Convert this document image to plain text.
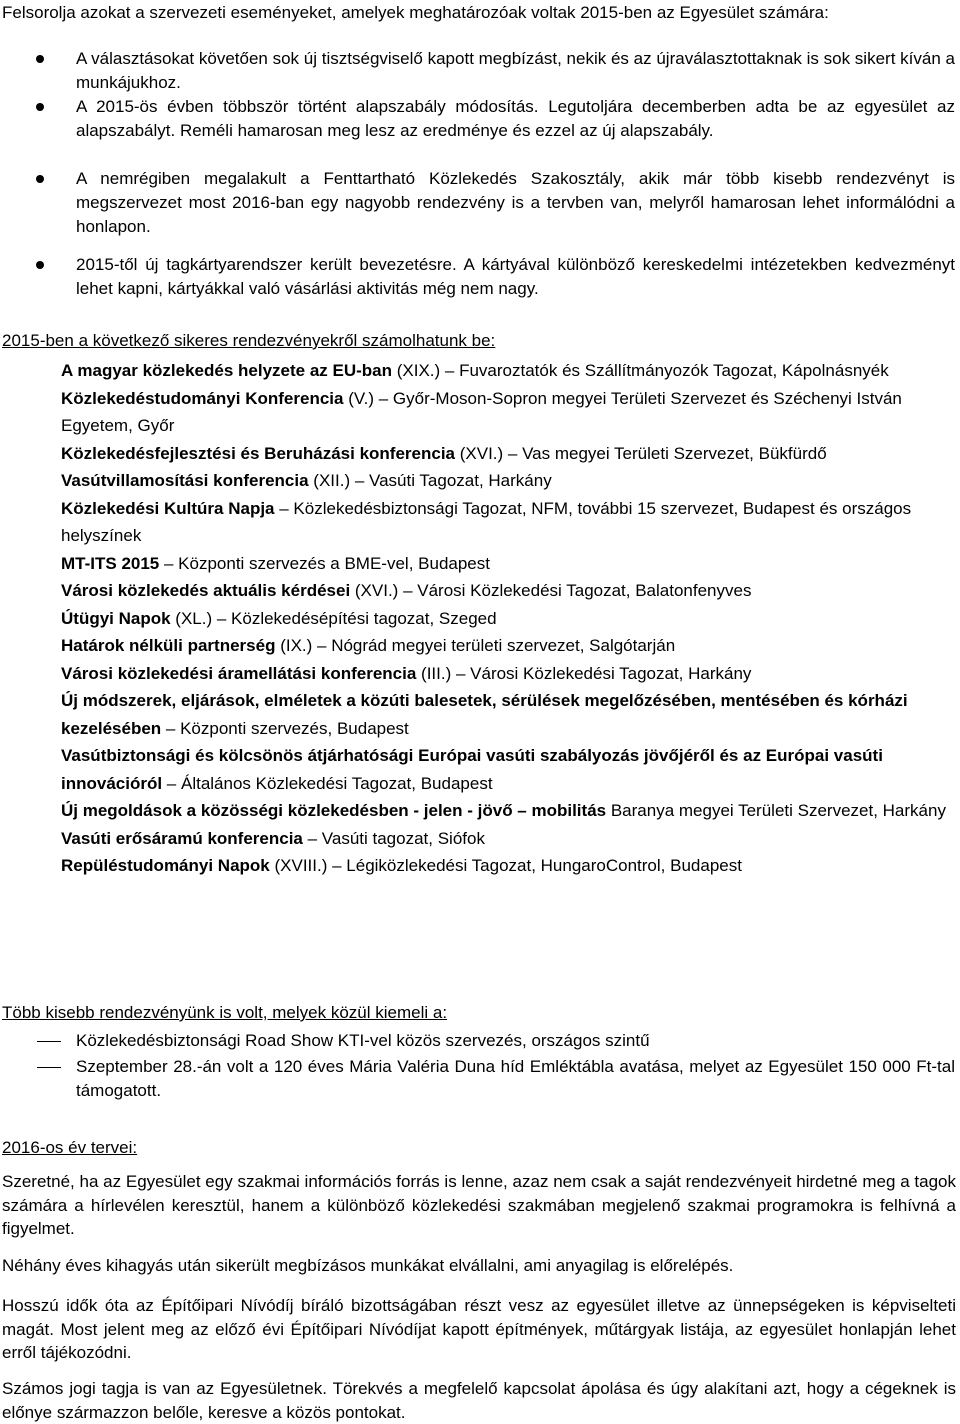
Felsorolja azokat a szervezeti eseményeket, amelyek meghatározóak voltak 2015-ben az Egyesület számára:

A választásokat követően sok új tisztségviselő kapott megbízást, nekik és az újraválasztottaknak is sok sikert kíván a munkájukhoz.
A 2015-ös évben többször történt alapszabály módosítás. Legutoljára decemberben adta be az egyesület az alapszabályt. Reméli hamarosan meg lesz az eredménye és ezzel az új alapszabály.
A nemrégiben megalakult a Fenttartható Közlekedés Szakosztály, akik már több kisebb rendezvényt is megszervezet most 2016-ban egy nagyobb rendezvény is a tervben van, melyről hamarosan lehet informálódni a honlapon.
2015-től új tagkártyarendszer került bevezetésre. A kártyával különböző kereskedelmi intézetekben kedvezményt lehet kapni, kártyákkal való vásárlási aktivitás még nem nagy.
2015-ben a következő sikeres rendezvényekről számolhatunk be:
A magyar közlekedés helyzete az EU-ban (XIX.) – Fuvaroztatók és Szállítmányozók Tagozat, Kápolnásnyék
Közlekedéstudományi Konferencia (V.) – Győr-Moson-Sopron megyei Területi Szervezet és Széchenyi István Egyetem, Győr
Közlekedésfejlesztési és Beruházási konferencia (XVI.) – Vas megyei Területi Szervezet, Bükfürdő
Vasútvillamosítási konferencia (XII.) – Vasúti Tagozat, Harkány
Közlekedési Kultúra Napja – Közlekedésbiztonsági Tagozat, NFM, további 15 szervezet, Budapest és országos helyszínek
MT-ITS 2015 – Központi szervezés a BME-vel, Budapest
Városi közlekedés aktuális kérdései (XVI.) – Városi Közlekedési Tagozat, Balatonfenyves
Útügyi Napok (XL.) – Közlekedésépítési tagozat, Szeged
Határok nélküli partnerség (IX.) – Nógrád megyei területi szervezet, Salgótarján
Városi közlekedési áramellátási konferencia (III.) – Városi Közlekedési Tagozat, Harkány
Új módszerek, eljárások, elméletek a közúti balesetek, sérülések megelőzésében, mentésében és kórházi kezelésében – Központi szervezés, Budapest
Vasútbiztonsági és kölcsönös átjárhatósági Európai vasúti szabályozás jövőjéről és az Európai vasúti innovációról – Általános Közlekedési Tagozat, Budapest
Új megoldások a közösségi közlekedésben - jelen - jövő – mobilitás Baranya megyei Területi Szervezet, Harkány
Vasúti erősáramú konferencia – Vasúti tagozat, Siófok
Repüléstudományi Napok (XVIII.) – Légiközlekedési Tagozat, HungaroControl, Budapest
Több kisebb rendezvényünk is volt, melyek közül kiemeli a:
Közlekedésbiztonsági Road Show KTI-vel közös szervezés, országos szintű
Szeptember 28.-án volt a 120 éves Mária Valéria Duna híd Emléktábla avatása, melyet az Egyesület 150 000 Ft-tal támogatott.
2016-os év tervei:

Szeretné, ha az Egyesület egy szakmai információs forrás is lenne, azaz nem csak a saját rendezvényeit hirdetné meg a tagok számára a hírlevélen keresztül, hanem a különböző közlekedési szakmában megjelenő szakmai programokra is felhívná a figyelmet.

Néhány éves kihagyás után sikerült megbízásos munkákat elvállalni, ami anyagilag is előrelépés.

Hosszú idők óta az Építőipari Nívódíj bíráló bizottságában részt vesz az egyesület illetve az ünnepségeken is képviselteti magát. Most jelent meg az előző évi Építőipari Nívódíjat kapott építmények, műtárgyak listája, az egyesület honlapján lehet erről tájékozódni.

Számos jogi tagja is van az Egyesületnek. Törekvés a megfelelő kapcsolat ápolása és úgy alakítani azt, hogy a cégeknek is előnye származzon belőle, keresve a közös pontokat.
